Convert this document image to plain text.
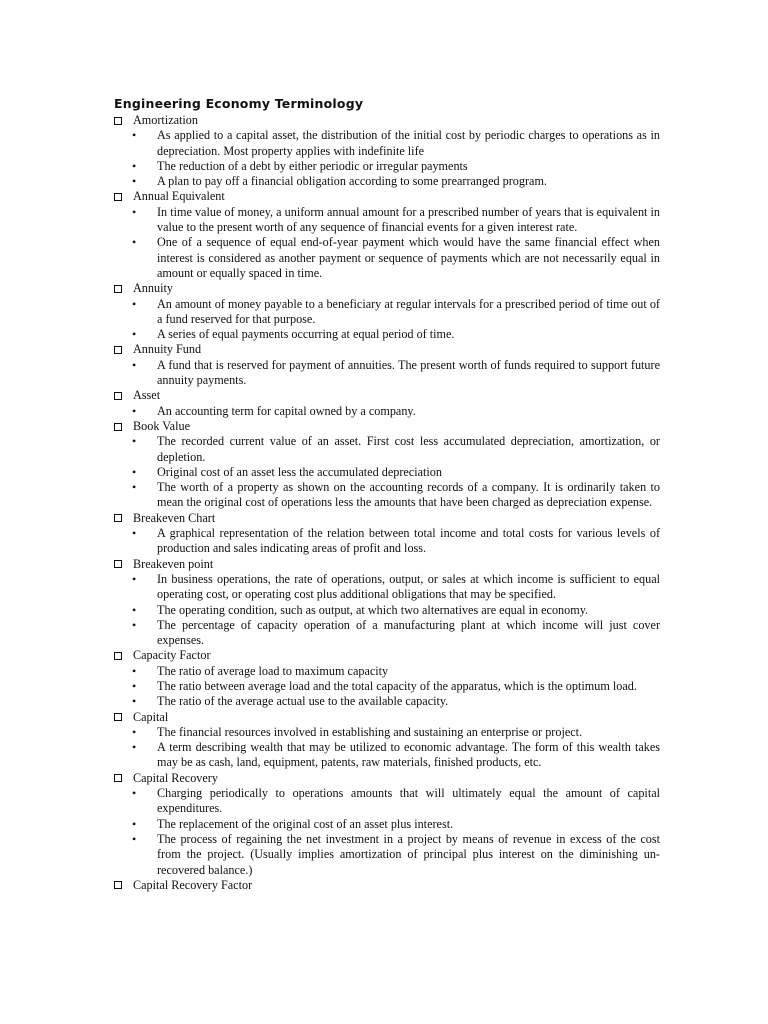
Engineering Economy Terminology
Amortization
• As applied to a capital asset, the distribution of the initial cost by periodic charges to operations as in depreciation. Most property applies with indefinite life
• The reduction of a debt by either periodic or irregular payments
• A plan to pay off a financial obligation according to some prearranged program.
Annual Equivalent
• In time value of money, a uniform annual amount for a prescribed number of years that is equivalent in value to the present worth of any sequence of financial events for a given interest rate.
• One of a sequence of equal end-of-year payment which would have the same financial effect when interest is considered as another payment or sequence of payments which are not necessarily equal in amount or equally spaced in time.
Annuity
• An amount of money payable to a beneficiary at regular intervals for a prescribed period of time out of a fund reserved for that purpose.
• A series of equal payments occurring at equal period of time.
Annuity Fund
• A fund that is reserved for payment of annuities. The present worth of funds required to support future annuity payments.
Asset
• An accounting term for capital owned by a company.
Book Value
• The recorded current value of an asset. First cost less accumulated depreciation, amortization, or depletion.
• Original cost of an asset less the accumulated depreciation
• The worth of a property as shown on the accounting records of a company. It is ordinarily taken to mean the original cost of operations less the amounts that have been charged as depreciation expense.
Breakeven Chart
• A graphical representation of the relation between total income and total costs for various levels of production and sales indicating areas of profit and loss.
Breakeven point
• In business operations, the rate of operations, output, or sales at which income is sufficient to equal operating cost, or operating cost plus additional obligations that may be specified.
• The operating condition, such as output, at which two alternatives are equal in economy.
• The percentage of capacity operation of a manufacturing plant at which income will just cover expenses.
Capacity Factor
• The ratio of average load to maximum capacity
• The ratio between average load and the total capacity of the apparatus, which is the optimum load.
• The ratio of the average actual use to the available capacity.
Capital
• The financial resources involved in establishing and sustaining an enterprise or project.
• A term describing wealth that may be utilized to economic advantage. The form of this wealth takes may be as cash, land, equipment, patents, raw materials, finished products, etc.
Capital Recovery
• Charging periodically to operations amounts that will ultimately equal the amount of capital expenditures.
• The replacement of the original cost of an asset plus interest.
• The process of regaining the net investment in a project by means of revenue in excess of the cost from the project. (Usually implies amortization of principal plus interest on the diminishing un-recovered balance.)
Capital Recovery Factor
